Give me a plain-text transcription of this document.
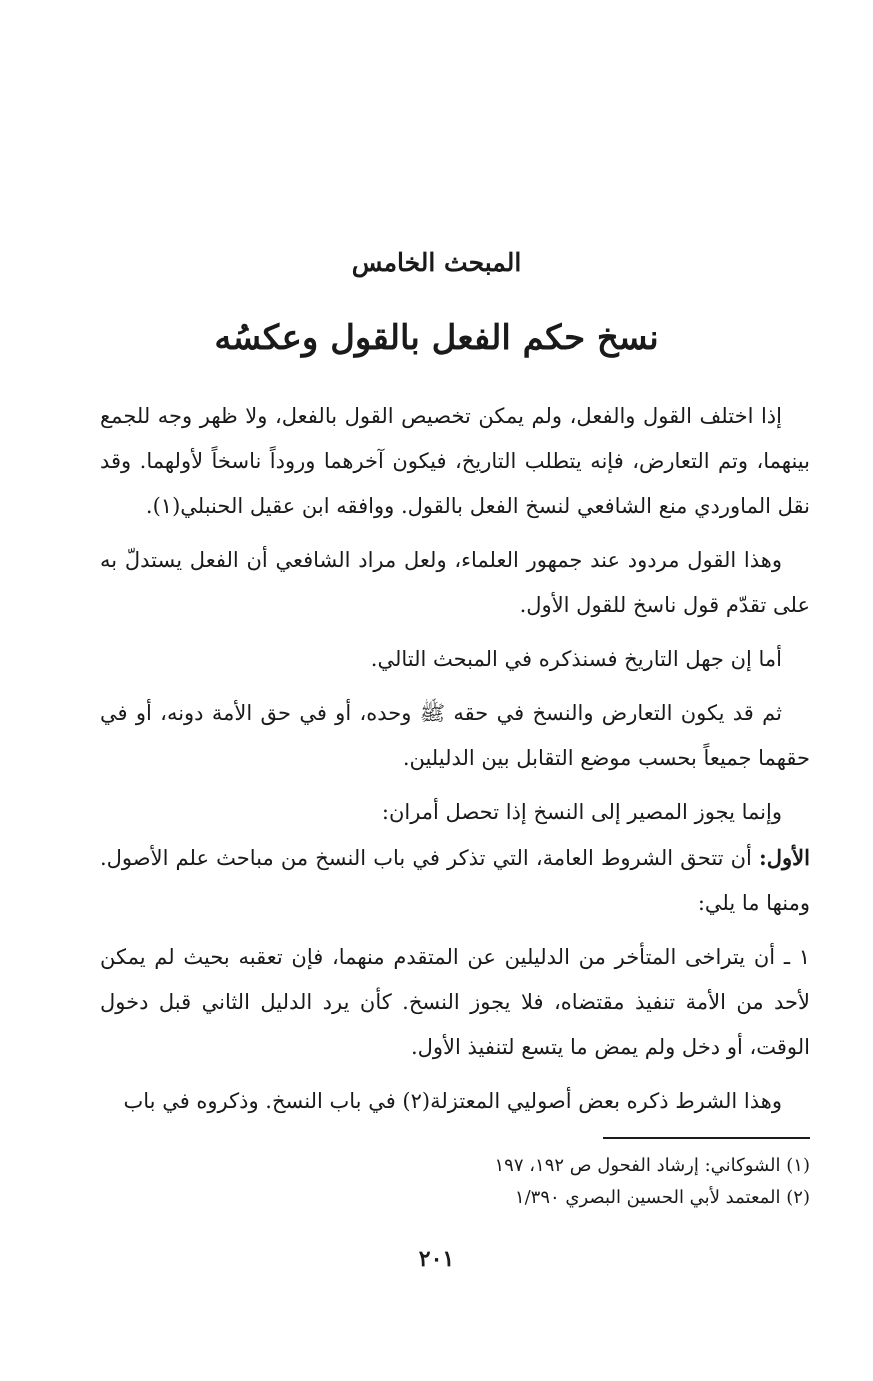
المبحث الخامس
نسخ حكم الفعل بالقول وعكسُه

إذا اختلف القول والفعل، ولم يمكن تخصيص القول بالفعل، ولا ظهر وجه للجمع بينهما، وتم التعارض، فإنه يتطلب التاريخ، فيكون آخرهما وروداً ناسخاً لأولهما. وقد نقل الماوردي منع الشافعي لنسخ الفعل بالقول. ووافقه ابن عقيل الحنبلي(١).

وهذا القول مردود عند جمهور العلماء، ولعل مراد الشافعي أن الفعل يستدلّ به على تقدّم قول ناسخ للقول الأول.

أما إن جهل التاريخ فسنذكره في المبحث التالي.

ثم قد يكون التعارض والنسخ في حقه ﷺ وحده، أو في حق الأمة دونه، أو في حقهما جميعاً بحسب موضع التقابل بين الدليلين.

وإنما يجوز المصير إلى النسخ إذا تحصل أمران:

الأول: أن تتحق الشروط العامة، التي تذكر في باب النسخ من مباحث علم الأصول. ومنها ما يلي:

١ ـ أن يتراخى المتأخر من الدليلين عن المتقدم منهما، فإن تعقبه بحيث لم يمكن لأحد من الأمة تنفيذ مقتضاه، فلا يجوز النسخ. كأن يرد الدليل الثاني قبل دخول الوقت، أو دخل ولم يمض ما يتسع لتنفيذ الأول.

وهذا الشرط ذكره بعض أصوليي المعتزلة(٢) في باب النسخ. وذكروه في باب

(١) الشوكاني: إرشاد الفحول ص ١٩٢، ١٩٧
(٢) المعتمد لأبي الحسين البصري ١/٣٩٠
٢٠١
